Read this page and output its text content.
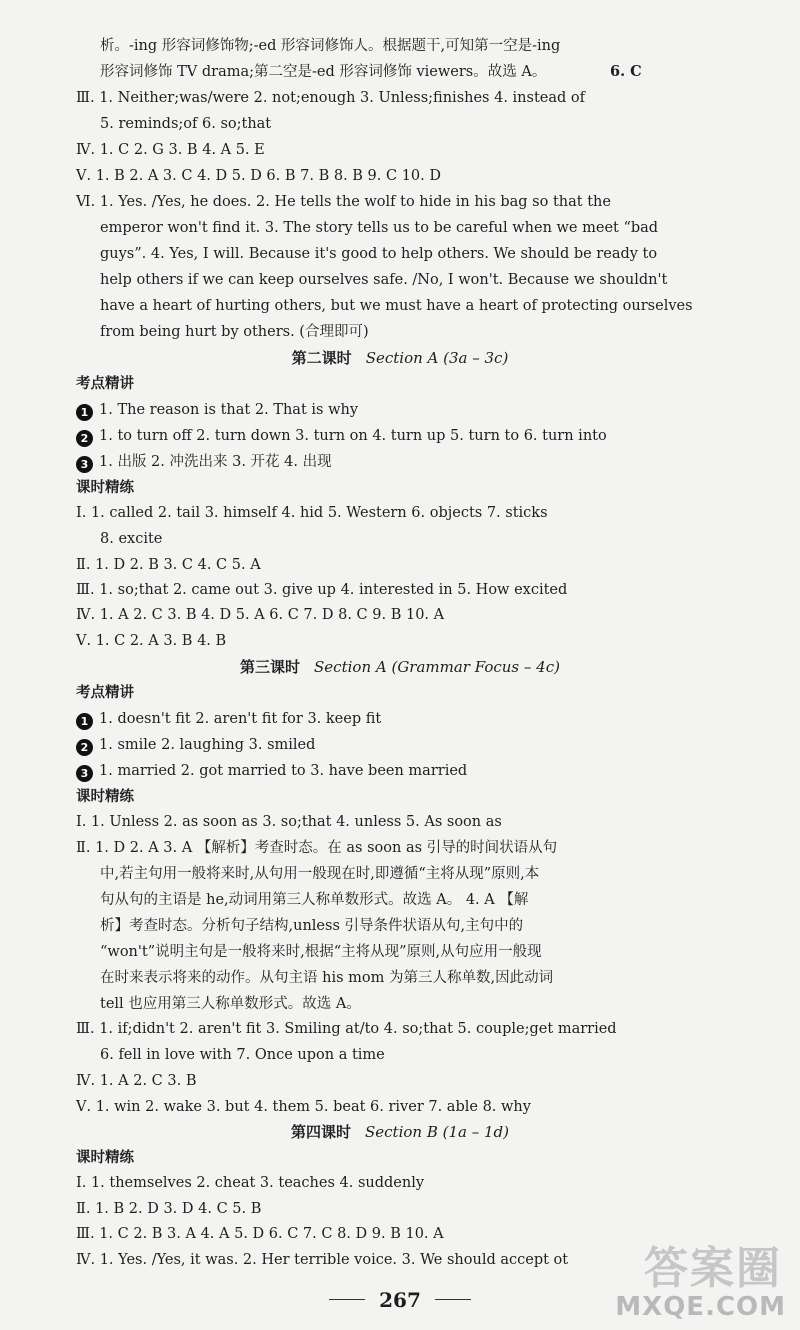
析。-ing 形容词修饰物;-ed 形容词修饰人。根据题干,可知第一空是-ing
形容词修饰 TV drama;第二空是-ed 形容词修饰 viewers。故选 A。	6. C
Ⅲ. 1. Neither;was/were 2. not;enough 3. Unless;finishes 4. instead of
5. reminds;of 6. so;that
Ⅳ. 1. C 2. G 3. B 4. A 5. E
Ⅴ. 1. B 2. A 3. C 4. D 5. D 6. B 7. B 8. B 9. C 10. D
Ⅵ. 1. Yes. /Yes, he does. 2. He tells the wolf to hide in his bag so that the
emperor won't find it. 3. The story tells us to be careful when we meet “bad
guys”. 4. Yes, I will. Because it's good to help others. We should be ready to
help others if we can keep ourselves safe. /No, I won't. Because we shouldn't
have a heart of hurting others, but we must have a heart of protecting ourselves
from being hurt by others. (合理即可)
第二课时 Section A (3a – 3c)
考点精讲
1 1. The reason is that 2. That is why
2 1. to turn off 2. turn down 3. turn on 4. turn up 5. turn to 6. turn into
3 1. 出版 2. 冲洗出来 3. 开花 4. 出现
课时精练
Ⅰ. 1. called 2. tail 3. himself 4. hid 5. Western 6. objects 7. sticks
8. excite
Ⅱ. 1. D 2. B 3. C 4. C 5. A
Ⅲ. 1. so;that 2. came out 3. give up 4. interested in 5. How excited
Ⅳ. 1. A 2. C 3. B 4. D 5. A 6. C 7. D 8. C 9. B 10. A
Ⅴ. 1. C 2. A 3. B 4. B
第三课时 Section A (Grammar Focus – 4c)
考点精讲
1 1. doesn't fit 2. aren't fit for 3. keep fit
2 1. smile 2. laughing 3. smiled
3 1. married 2. got married to 3. have been married
课时精练
Ⅰ. 1. Unless 2. as soon as 3. so;that 4. unless 5. As soon as
Ⅱ. 1. D 2. A 3. A 【解析】考查时态。在 as soon as 引导的时间状语从句
中,若主句用一般将来时,从句用一般现在时,即遵循“主将从现”原则,本
句从句的主语是 he,动词用第三人称单数形式。故选 A。 4. A 【解
析】考查时态。分析句子结构,unless 引导条件状语从句,主句中的
“won't”说明主句是一般将来时,根据“主将从现”原则,从句应用一般现
在时来表示将来的动作。从句主语 his mom 为第三人称单数,因此动词
tell 也应用第三人称单数形式。故选 A。
Ⅲ. 1. if;didn't 2. aren't fit 3. Smiling at/to 4. so;that 5. couple;get married
6. fell in love with 7. Once upon a time
Ⅳ. 1. A 2. C 3. B
Ⅴ. 1. win 2. wake 3. but 4. them 5. beat 6. river 7. able 8. why
第四课时 Section B (1a – 1d)
课时精练
Ⅰ. 1. themselves 2. cheat 3. teaches 4. suddenly
Ⅱ. 1. B 2. D 3. D 4. C 5. B
Ⅲ. 1. C 2. B 3. A 4. A 5. D 6. C 7. C 8. D 9. B 10. A
Ⅳ. 1. Yes. /Yes, it was. 2. Her terrible voice. 3. We should accept ot
267
答案圈
MXQE.COM
